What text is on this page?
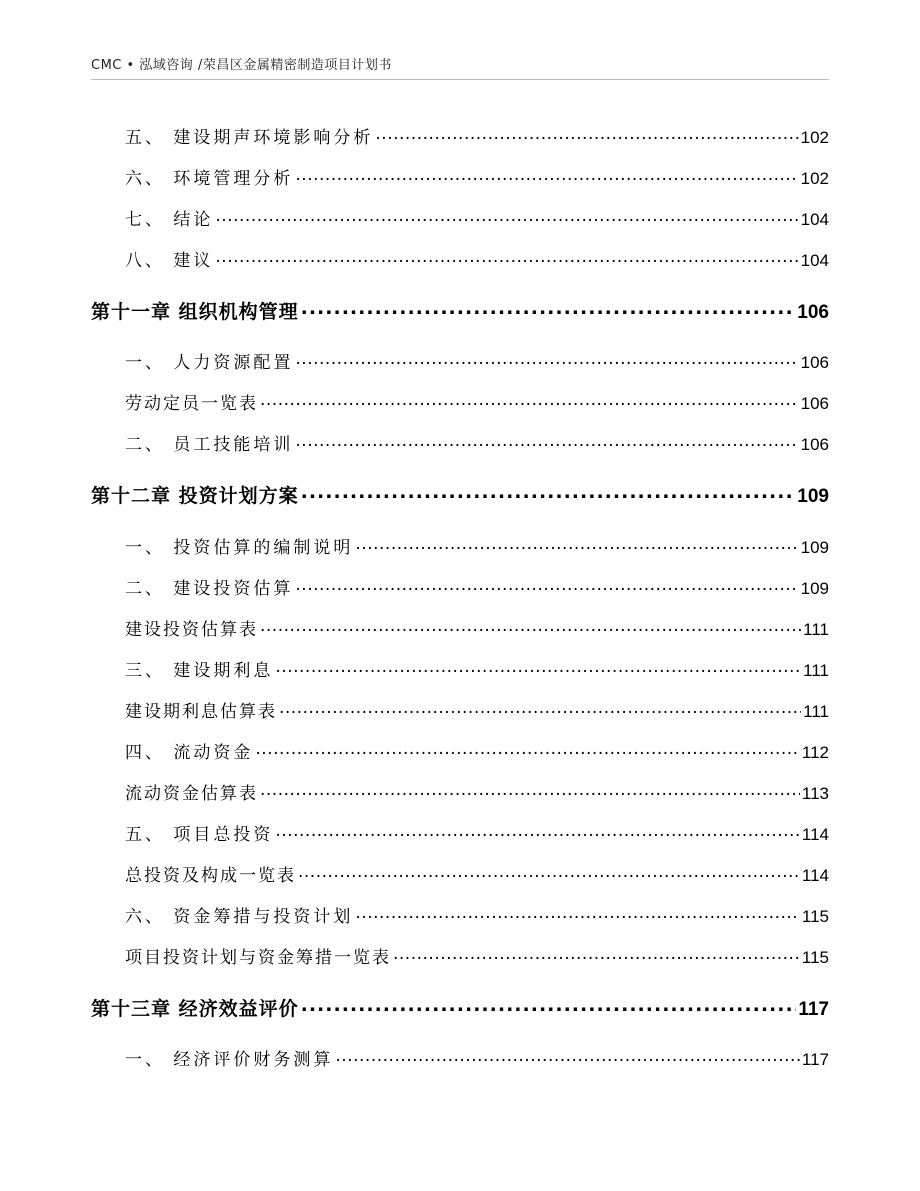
CMC • 泓域咨询 /荣昌区金属精密制造项目计划书
五、 建设期声环境影响分析 .....	102
六、 环境管理分析 .....	102
七、 结论 .....	104
八、 建议 .....	104
第十一章 组织机构管理 .....	106
一、 人力资源配置 .....	106
劳动定员一览表 .....	106
二、 员工技能培训 .....	106
第十二章 投资计划方案 .....	109
一、 投资估算的编制说明 .....	109
二、 建设投资估算 .....	109
建设投资估算表 .....	111
三、 建设期利息 .....	111
建设期利息估算表 .....	111
四、 流动资金 .....	112
流动资金估算表 .....	113
五、 项目总投资 .....	114
总投资及构成一览表 .....	114
六、 资金筹措与投资计划 .....	115
项目投资计划与资金筹措一览表 .....	115
第十三章 经济效益评价 .....	117
一、 经济评价财务测算 .....	117
